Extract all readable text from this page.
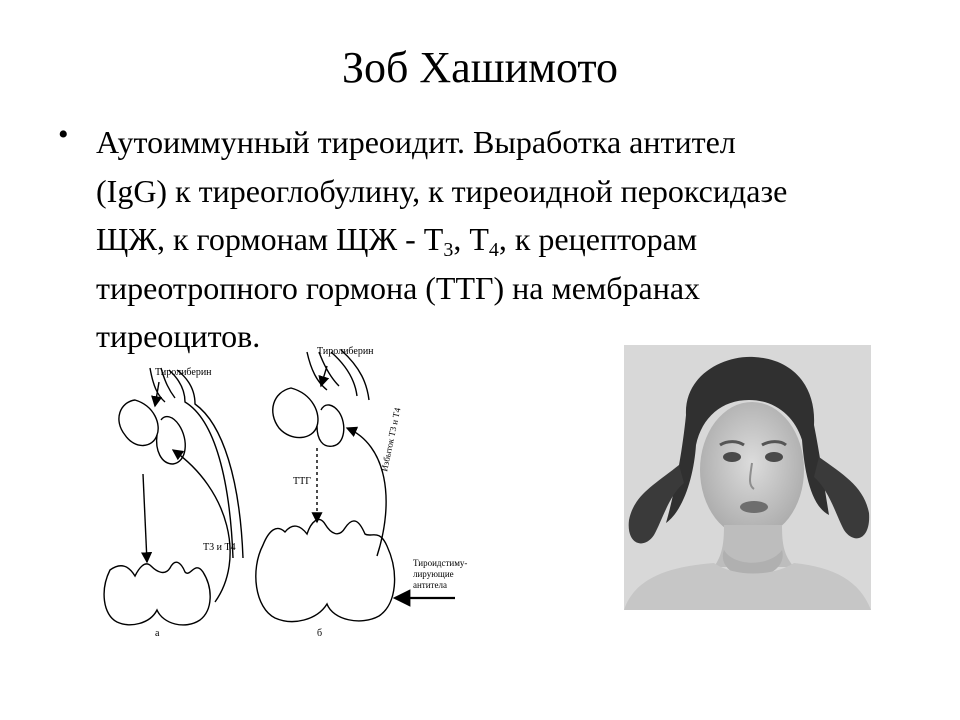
Зоб Хашимото
• Аутоиммунный тиреоидит. Выработка антител
(IgG) к тиреоглобулину, к тиреоидной пероксидазе
ЩЖ, к гормонам ЩЖ - $Т_3$, $Т_4$, к рецепторам
тиреотропного гормона (ТТГ) на мембранах
тиреоцитов.
Тиролиберин
Т3 и Т4
а
Тиролиберин
Избыток Т3 и Т4
ТТГ
Тироидстиму-
лирующие
антитела
б
